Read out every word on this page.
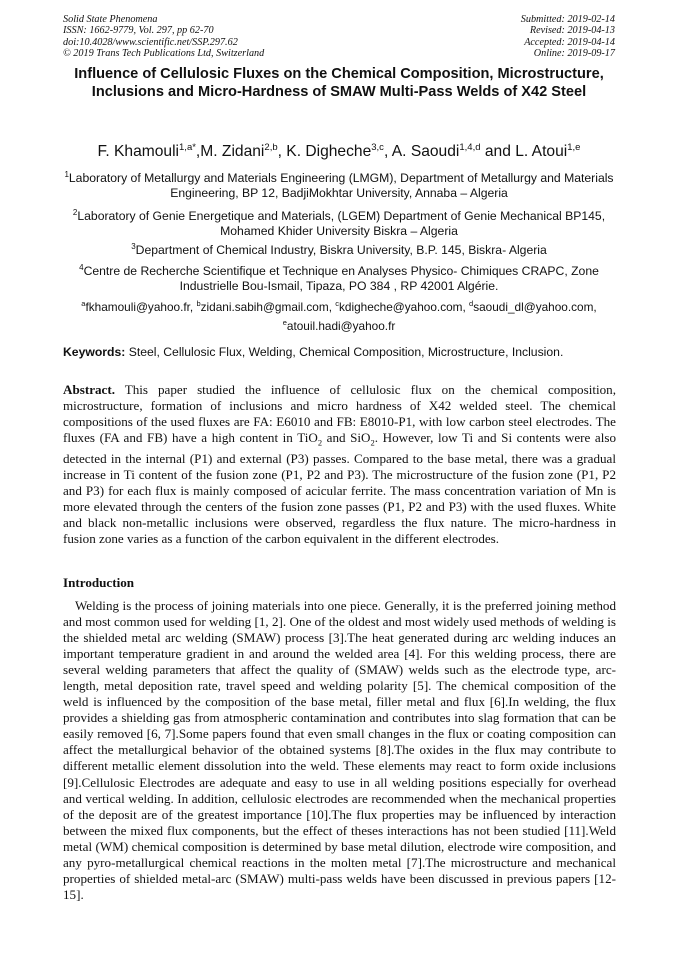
Solid State Phenomena
ISSN: 1662-9779, Vol. 297, pp 62-70
doi:10.4028/www.scientific.net/SSP.297.62
© 2019 Trans Tech Publications Ltd, Switzerland
Submitted: 2019-02-14
Revised: 2019-04-13
Accepted: 2019-04-14
Online: 2019-09-17
Influence of Cellulosic Fluxes on the Chemical Composition, Microstructure, Inclusions and Micro-Hardness of SMAW Multi-Pass Welds of X42 Steel
F. Khamouli$^{1,a*}$,M. Zidani$^{2,b}$, K. Digheche$^{3,c}$, A. Saoudi$^{1,4,d}$ and L. Atoui$^{1,e}$
$^1$Laboratory of Metallurgy and Materials Engineering (LMGM), Department of Metallurgy and Materials Engineering, BP 12, BadjiMokhtar University, Annaba – Algeria
$^2$Laboratory of Genie Energetique and Materials, (LGEM) Department of Genie Mechanical BP145, Mohamed Khider University Biskra – Algeria
$^3$Department of Chemical Industry, Biskra University, B.P. 145, Biskra- Algeria
$^4$Centre de Recherche Scientifique et Technique en Analyses Physico- Chimiques CRAPC, Zone Industrielle Bou-Ismail, Tipaza, PO 384 , RP 42001 Algérie.
$^a$fkhamouli@yahoo.fr, $^b$zidani.sabih@gmail.com, $^c$kdigheche@yahoo.com, $^d$saoudi_dl@yahoo.com,
$^e$atouil.hadi@yahoo.fr
Keywords: Steel, Cellulosic Flux, Welding, Chemical Composition, Microstructure, Inclusion.
Abstract. This paper studied the influence of cellulosic flux on the chemical composition, microstructure, formation of inclusions and micro hardness of X42 welded steel. The chemical compositions of the used fluxes are FA: E6010 and FB: E8010-P1, with low carbon steel electrodes. The fluxes (FA and FB) have a high content in TiO$_2$ and SiO$_2$. However, low Ti and Si contents were also detected in the internal (P1) and external (P3) passes. Compared to the base metal, there was a gradual increase in Ti content of the fusion zone (P1, P2 and P3). The microstructure of the fusion zone (P1, P2 and P3) for each flux is mainly composed of acicular ferrite. The mass concentration variation of Mn is more elevated through the centers of the fusion zone passes (P1, P2 and P3) with the used fluxes. White and black non-metallic inclusions were observed, regardless the flux nature. The micro-hardness in fusion zone varies as a function of the carbon equivalent in the different electrodes.
Introduction
Welding is the process of joining materials into one piece. Generally, it is the preferred joining method and most common used for welding [1, 2]. One of the oldest and most widely used methods of welding is the shielded metal arc welding (SMAW) process [3].The heat generated during arc welding induces an important temperature gradient in and around the welded area [4]. For this welding process, there are several welding parameters that affect the quality of (SMAW) welds such as the electrode type, arc-length, metal deposition rate, travel speed and welding polarity [5]. The chemical composition of the weld is influenced by the composition of the base metal, filler metal and flux [6].In welding, the flux provides a shielding gas from atmospheric contamination and contributes into slag formation that can be easily removed [6, 7].Some papers found that even small changes in the flux or coating composition can affect the metallurgical behavior of the obtained systems [8].The oxides in the flux may contribute to different metallic element dissolution into the weld. These elements may react to form oxide inclusions [9].Cellulosic Electrodes are adequate and easy to use in all welding positions especially for overhead and vertical welding. In addition, cellulosic electrodes are recommended when the mechanical properties of the deposit are of the greatest importance [10].The flux properties may be influenced by interaction between the mixed flux components, but the effect of theses interactions has not been studied [11].Weld metal (WM) chemical composition is determined by base metal dilution, electrode wire composition, and any pyro-metallurgical chemical reactions in the molten metal [7].The microstructure and mechanical properties of shielded metal-arc (SMAW) multi-pass welds have been discussed in previous papers [12-15].
